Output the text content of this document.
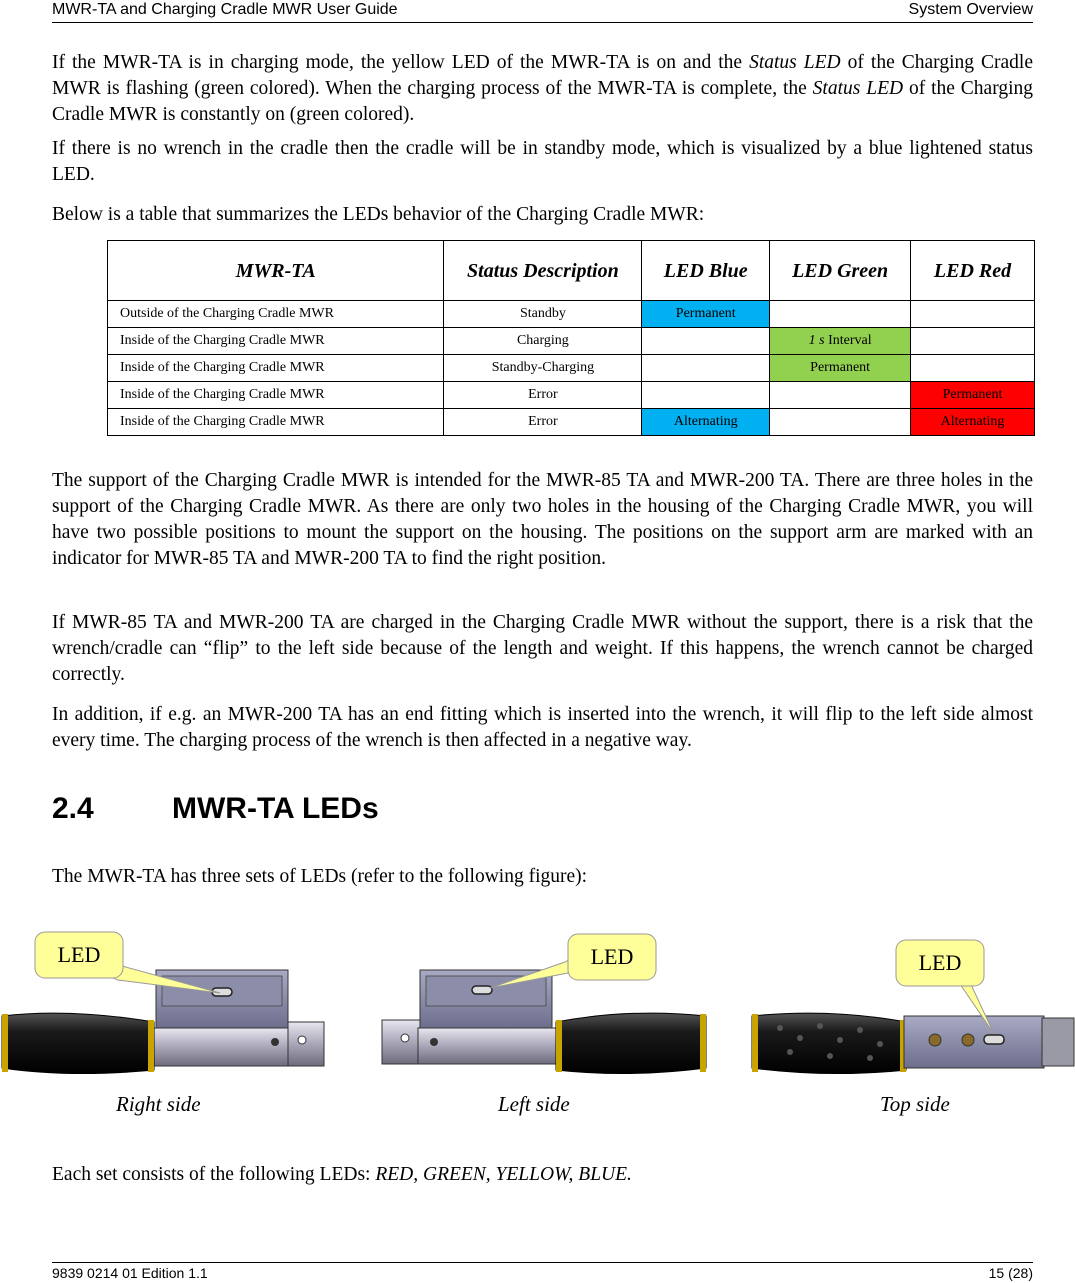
MWR-TA and Charging Cradle MWR User Guide	System Overview

If the MWR-TA is in charging mode, the yellow LED of the MWR-TA is on and the Status LED of the Charging Cradle MWR is flashing (green colored). When the charging process of the MWR-TA is complete, the Status LED of the Charging Cradle MWR is constantly on (green colored).

If there is no wrench in the cradle then the cradle will be in standby mode, which is visualized by a blue lightened status LED.

Below is a table that summarizes the LEDs behavior of the Charging Cradle MWR:

MWR-TA	Status Description	LED Blue	LED Green	LED Red
Outside of the Charging Cradle MWR	Standby	Permanent		
Inside of the Charging Cradle MWR	Charging		1 s Interval	
Inside of the Charging Cradle MWR	Standby-Charging		Permanent	
Inside of the Charging Cradle MWR	Error			Permanent
Inside of the Charging Cradle MWR	Error	Alternating		Alternating

The support of the Charging Cradle MWR is intended for the MWR-85 TA and MWR-200 TA. There are three holes in the support of the Charging Cradle MWR. As there are only two holes in the housing of the Charging Cradle MWR, you will have two possible positions to mount the support on the housing. The positions on the support arm are marked with an indicator for MWR-85 TA and MWR-200 TA to find the right position.

If MWR-85 TA and MWR-200 TA are charged in the Charging Cradle MWR without the support, there is a risk that the wrench/cradle can “flip” to the left side because of the length and weight. If this happens, the wrench cannot be charged correctly.

In addition, if e.g. an MWR-200 TA has an end fitting which is inserted into the wrench, it will flip to the left side almost every time. The charging process of the wrench is then affected in a negative way.

2.4	MWR-TA LEDs

The MWR-TA has three sets of LEDs (refer to the following figure):

LED	LED	LED
Right side	Left side	Top side

Each set consists of the following LEDs: RED, GREEN, YELLOW, BLUE.

9839 0214 01 Edition 1.1	15 (28)
